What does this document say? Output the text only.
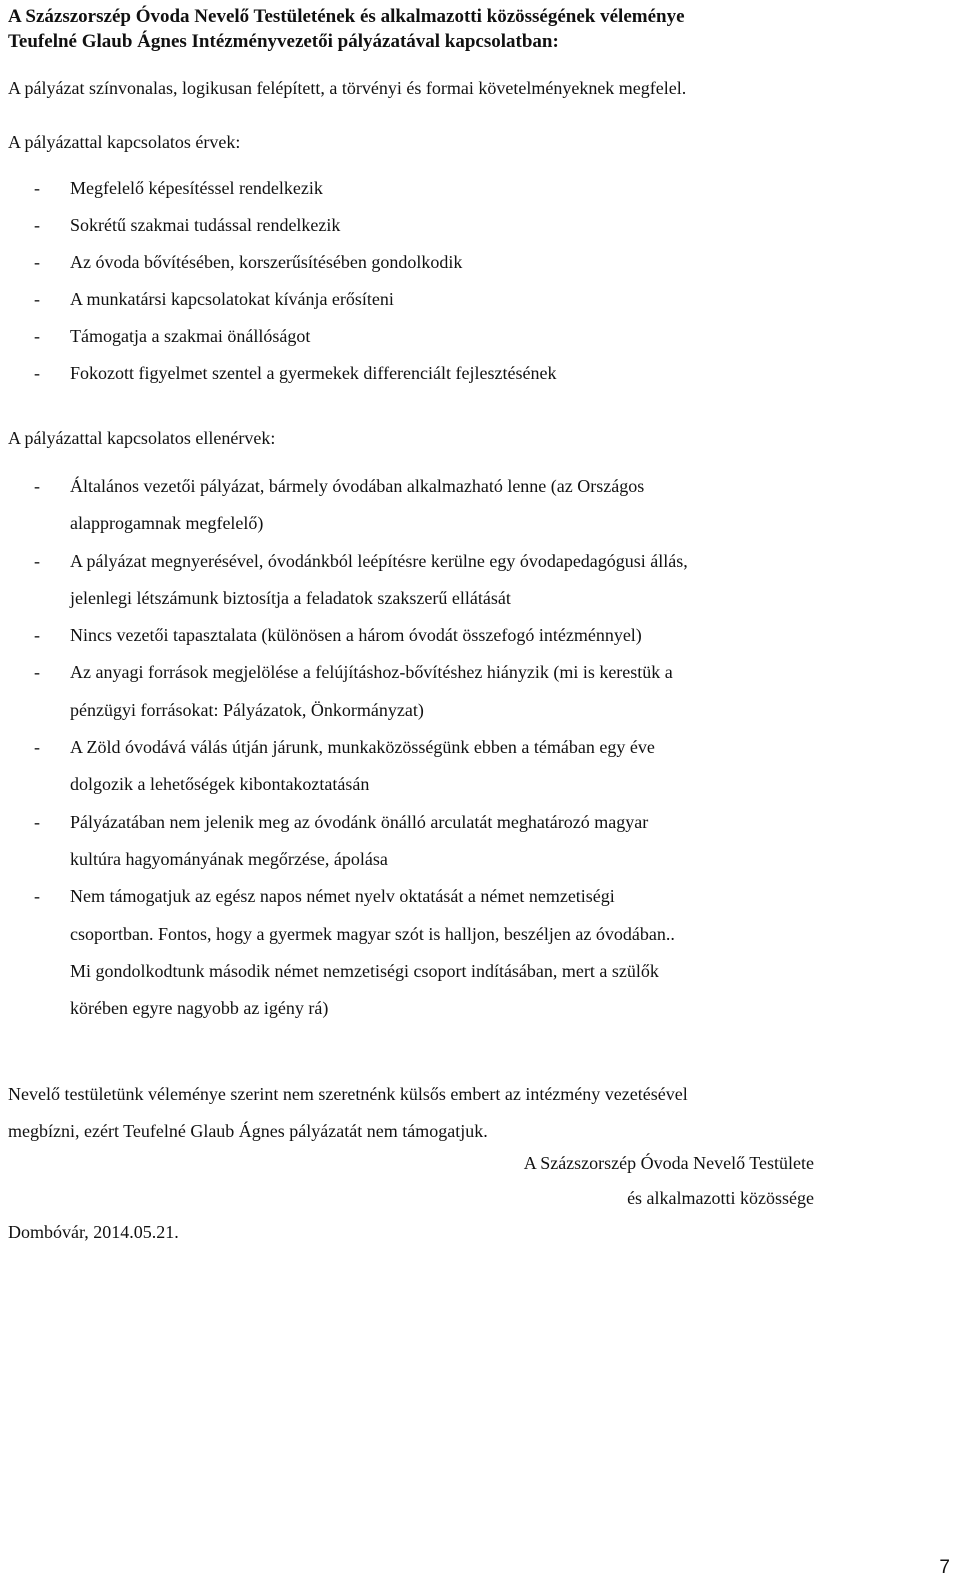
A Százszorszép Óvoda Nevelő Testületének és alkalmazotti közösségének véleménye
Teufelné Glaub Ágnes Intézményvezetői pályázatával kapcsolatban:
A pályázat színvonalas, logikusan felépített, a törvényi és formai követelményeknek megfelel.
A pályázattal kapcsolatos érvek:
- Megfelelő képesítéssel rendelkezik
- Sokrétű szakmai tudással rendelkezik
- Az óvoda bővítésében, korszerűsítésében gondolkodik
- A munkatársi kapcsolatokat kívánja erősíteni
- Támogatja a szakmai önállóságot
- Fokozott figyelmet szentel a gyermekek differenciált fejlesztésének
A pályázattal kapcsolatos ellenérvek:
- Általános vezetői pályázat, bármely óvodában alkalmazható lenne (az Országos
alapprogamnak megfelelő)
- A pályázat megnyerésével, óvodánkból leépítésre kerülne egy óvodapedagógusi állás,
jelenlegi létszámunk biztosítja a feladatok szakszerű ellátását
- Nincs vezetői tapasztalata (különösen a három óvodát összefogó intézménnyel)
- Az anyagi források megjelölése a felújításhoz-bővítéshez hiányzik (mi is kerestük a
pénzügyi forrásokat: Pályázatok, Önkormányzat)
- A Zöld óvodává válás útján járunk, munkaközösségünk ebben a témában egy éve
dolgozik a lehetőségek kibontakoztatásán
- Pályázatában nem jelenik meg az óvodánk önálló arculatát meghatározó magyar
kultúra hagyományának megőrzése, ápolása
- Nem támogatjuk az egész napos német nyelv oktatását a német nemzetiségi
csoportban. Fontos, hogy a gyermek magyar szót is halljon, beszéljen az óvodában..
Mi gondolkodtunk második német nemzetiségi csoport indításában, mert a szülők
körében egyre nagyobb az igény rá)
Nevelő testületünk véleménye szerint nem szeretnénk külsős embert az intézmény vezetésével
megbízni, ezért Teufelné Glaub Ágnes pályázatát nem támogatjuk.
A Százszorszép Óvoda Nevelő Testülete
és alkalmazotti közössége
Dombóvár, 2014.05.21.
7
